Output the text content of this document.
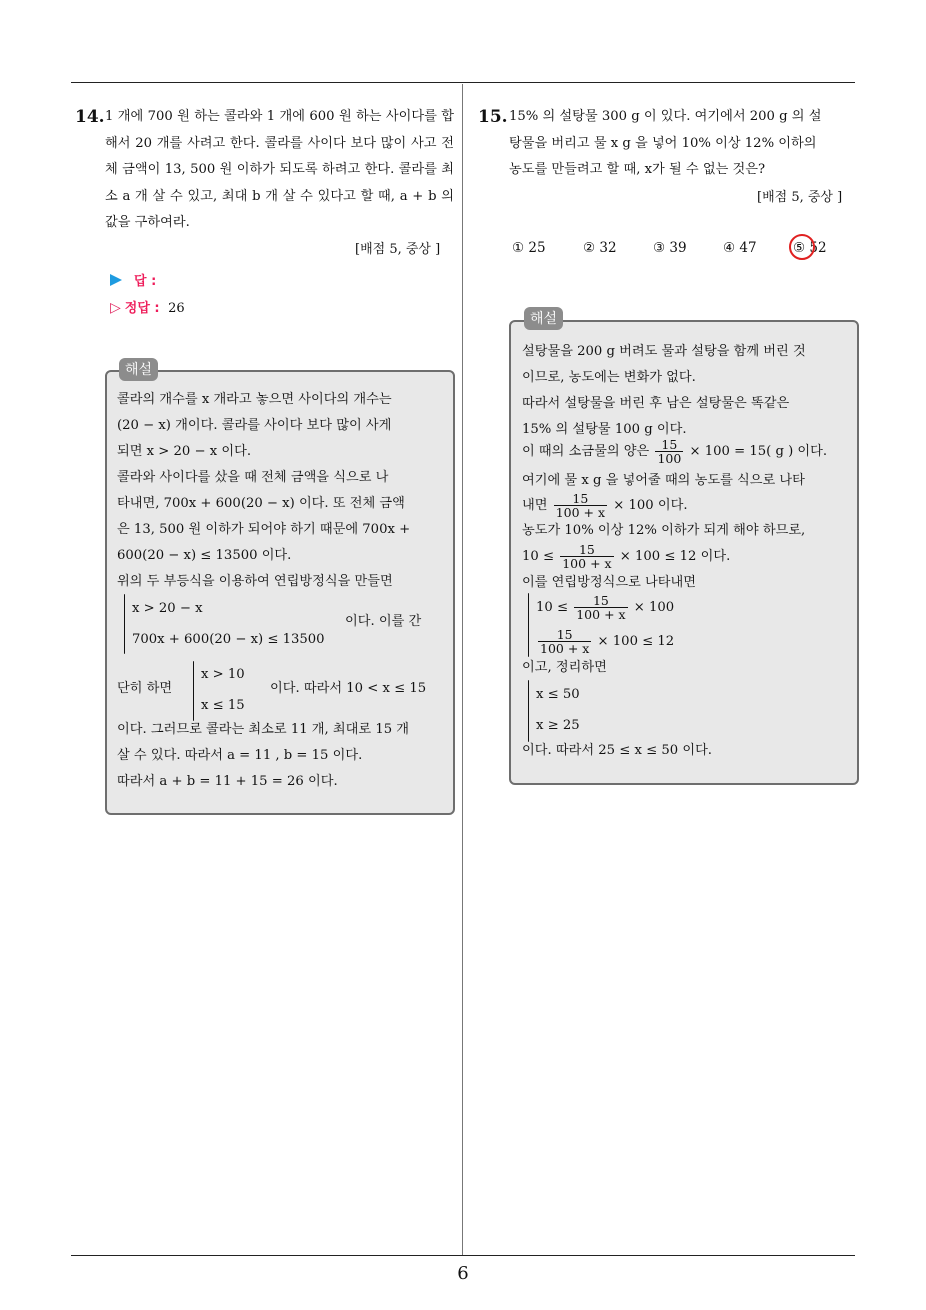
6
14. 1 개에 700 원 하는 콜라와 1 개에 600 원 하는 사이다를 합해서 20 개를 사려고 한다. 콜라를 사이다 보다 많이 사고 전체 금액이 13, 500 원 이하가 되도록 하려고 한다. 콜라를 최소 a 개 살 수 있고, 최대 b 개 살 수 있다고 할 때, a + b 의 값을 구하여라.
[배점 5, 중상 ]
답 :
▷ 정답 : 26
해설
콜라의 개수를 x 개라고 놓으면 사이다의 개수는
(20 − x) 개이다. 콜라를 사이다 보다 많이 사게
되면 x > 20 − x 이다.
콜라와 사이다를 샀을 때 전체 금액을 식으로 나
타내면, 700x + 600(20 − x) 이다. 또 전체 금액
은 13, 500 원 이하가 되어야 하기 때문에 700x +
600(20 − x) ≤ 13500 이다.
위의 두 부등식을 이용하여 연립방정식을 만들면
x > 20 − x
700x + 600(20 − x) ≤ 13500
이다. 이를 간
단히 하면
x > 10
x ≤ 15
이다. 따라서 10 < x ≤ 15
이다. 그러므로 콜라는 최소로 11 개, 최대로 15 개
살 수 있다. 따라서 a = 11 , b = 15 이다.
따라서 a + b = 11 + 15 = 26 이다.
15. 15% 의 설탕물 300 g 이 있다. 여기에서 200 g 의 설
탕물을 버리고 물 x g 을 넣어 10% 이상 12% 이하의
농도를 만들려고 할 때, x가 될 수 없는 것은?
[배점 5, 중상 ]
① 25	② 32	③ 39	④ 47	⑤ 52
해설
설탕물을 200 g 버려도 물과 설탕을 함께 버린 것
이므로, 농도에는 변화가 없다.
따라서 설탕물을 버린 후 남은 설탕물은 똑같은
15% 의 설탕물 100 g 이다.
이 때의 소금물의 양은 $\frac{15}{100} \times 100 = 15$( g ) 이다.
여기에 물 x g 을 넣어줄 때의 농도를 식으로 나타
내면 $\frac{15}{100 + x} \times 100$ 이다.
농도가 10% 이상 12% 이하가 되게 해야 하므로,
$10 \le \frac{15}{100 + x} \times 100 \le 12$ 이다.
이를 연립방정식으로 나타내면
$10 \le \frac{15}{100 + x} \times 100$
$\frac{15}{100 + x} \times 100 \le 12$
이고, 정리하면
x ≤ 50
x ≥ 25
이다. 따라서 25 ≤ x ≤ 50 이다.
